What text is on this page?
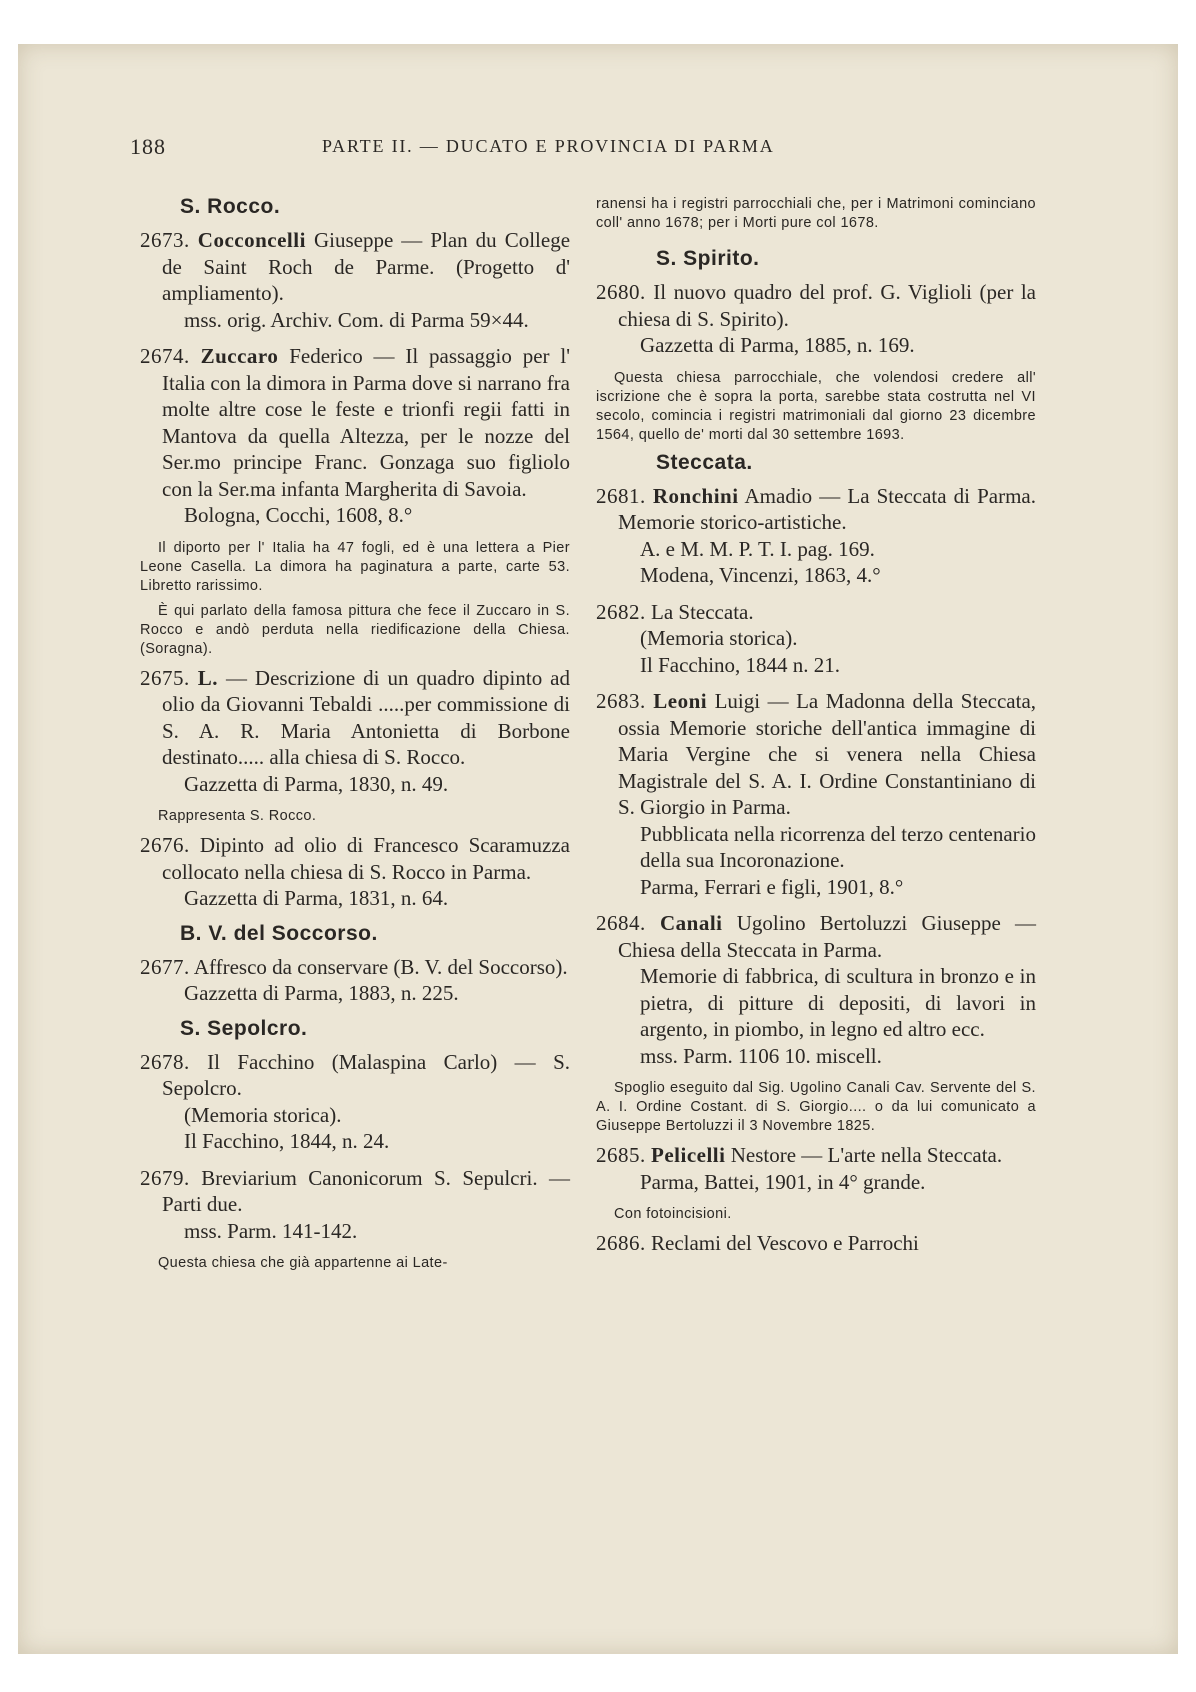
188	PARTE II. — DUCATO E PROVINCIA DI PARMA
S. Rocco.
2673. Cocconcelli Giuseppe — Plan du College de Saint Roch de Parme. (Progetto d' ampliamento).
mss. orig. Archiv. Com. di Parma 59×44.
2674. Zuccaro Federico — Il passaggio per l' Italia con la dimora in Parma dove si narrano fra molte altre cose le feste e trionfi regii fatti in Mantova da quella Altezza, per le nozze del Ser.mo principe Franc. Gonzaga suo figliolo con la Ser.ma infanta Margherita di Savoia.
Bologna, Cocchi, 1608, 8.°
Il diporto per l' Italia ha 47 fogli, ed è una lettera a Pier Leone Casella. La dimora ha paginatura a parte, carte 53. Libretto rarissimo.
È qui parlato della famosa pittura che fece il Zuccaro in S. Rocco e andò perduta nella riedificazione della Chiesa. (Soragna).
2675. L. — Descrizione di un quadro dipinto ad olio da Giovanni Tebaldi .....per commissione di S. A. R. Maria Antonietta di Borbone destinato..... alla chiesa di S. Rocco.
Gazzetta di Parma, 1830, n. 49.
Rappresenta S. Rocco.
2676. Dipinto ad olio di Francesco Scaramuzza collocato nella chiesa di S. Rocco in Parma.
Gazzetta di Parma, 1831, n. 64.
B. V. del Soccorso.
2677. Affresco da conservare (B. V. del Soccorso).
Gazzetta di Parma, 1883, n. 225.
S. Sepolcro.
2678. Il Facchino (Malaspina Carlo) — S. Sepolcro.
(Memoria storica).
Il Facchino, 1844, n. 24.
2679. Breviarium Canonicorum S. Sepulcri. — Parti due.
mss. Parm. 141-142.
Questa chiesa che già appartenne ai Late-
ranensi ha i registri parrocchiali che, per i Matrimoni cominciano coll' anno 1678; per i Morti pure col 1678.
S. Spirito.
2680. Il nuovo quadro del prof. G. Viglioli (per la chiesa di S. Spirito).
Gazzetta di Parma, 1885, n. 169.
Questa chiesa parrocchiale, che volendosi credere all' iscrizione che è sopra la porta, sarebbe stata costrutta nel VI secolo, comincia i registri matrimoniali dal giorno 23 dicembre 1564, quello de' morti dal 30 settembre 1693.
Steccata.
2681. Ronchini Amadio — La Steccata di Parma. Memorie storico-artistiche.
A. e M. M. P. T. I. pag. 169.
Modena, Vincenzi, 1863, 4.°
2682. La Steccata.
(Memoria storica).
Il Facchino, 1844 n. 21.
2683. Leoni Luigi — La Madonna della Steccata, ossia Memorie storiche dell'antica immagine di Maria Vergine che si venera nella Chiesa Magistrale del S. A. I. Ordine Constantiniano di S. Giorgio in Parma.
Pubblicata nella ricorrenza del terzo centenario della sua Incoronazione.
Parma, Ferrari e figli, 1901, 8.°
2684. Canali Ugolino Bertoluzzi Giuseppe — Chiesa della Steccata in Parma.
Memorie di fabbrica, di scultura in bronzo e in pietra, di pitture di depositi, di lavori in argento, in piombo, in legno ed altro ecc.
mss. Parm. 1106 10. miscell.
Spoglio eseguito dal Sig. Ugolino Canali Cav. Servente del S. A. I. Ordine Costant. di S. Giorgio.... o da lui comunicato a Giuseppe Bertoluzzi il 3 Novembre 1825.
2685. Pelicelli Nestore — L'arte nella Steccata.
Parma, Battei, 1901, in 4° grande.
Con fotoincisioni.
2686. Reclami del Vescovo e Parrochi
